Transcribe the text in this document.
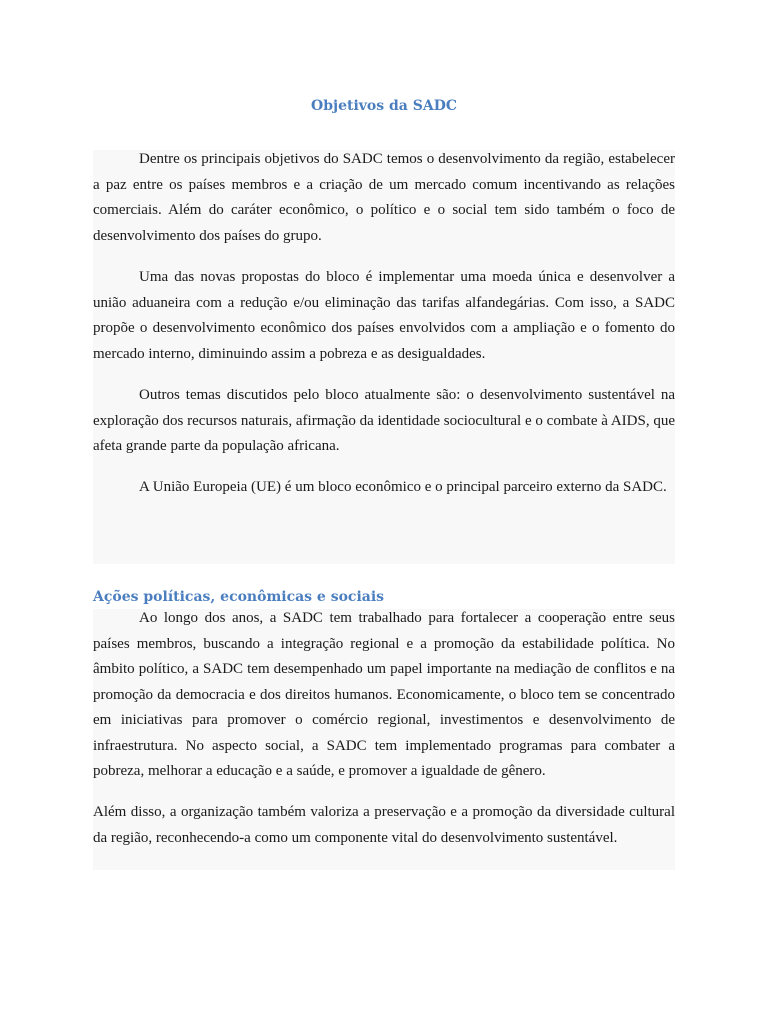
Objetivos da SADC

Dentre os principais objetivos do SADC temos o desenvolvimento da região, estabelecer a paz entre os países membros e a criação de um mercado comum incentivando as relações comerciais. Além do caráter econômico, o político e o social tem sido também o foco de desenvolvimento dos países do grupo.

Uma das novas propostas do bloco é implementar uma moeda única e desenvolver a união aduaneira com a redução e/ou eliminação das tarifas alfandegárias. Com isso, a SADC propõe o desenvolvimento econômico dos países envolvidos com a ampliação e o fomento do mercado interno, diminuindo assim a pobreza e as desigualdades.

Outros temas discutidos pelo bloco atualmente são: o desenvolvimento sustentável na exploração dos recursos naturais, afirmação da identidade sociocultural e o combate à AIDS, que afeta grande parte da população africana.

A União Europeia (UE) é um bloco econômico e o principal parceiro externo da SADC.

Ações políticas, econômicas e sociais

Ao longo dos anos, a SADC tem trabalhado para fortalecer a cooperação entre seus países membros, buscando a integração regional e a promoção da estabilidade política. No âmbito político, a SADC tem desempenhado um papel importante na mediação de conflitos e na promoção da democracia e dos direitos humanos. Economicamente, o bloco tem se concentrado em iniciativas para promover o comércio regional, investimentos e desenvolvimento de infraestrutura. No aspecto social, a SADC tem implementado programas para combater a pobreza, melhorar a educação e a saúde, e promover a igualdade de gênero.

Além disso, a organização também valoriza a preservação e a promoção da diversidade cultural da região, reconhecendo-a como um componente vital do desenvolvimento sustentável.
